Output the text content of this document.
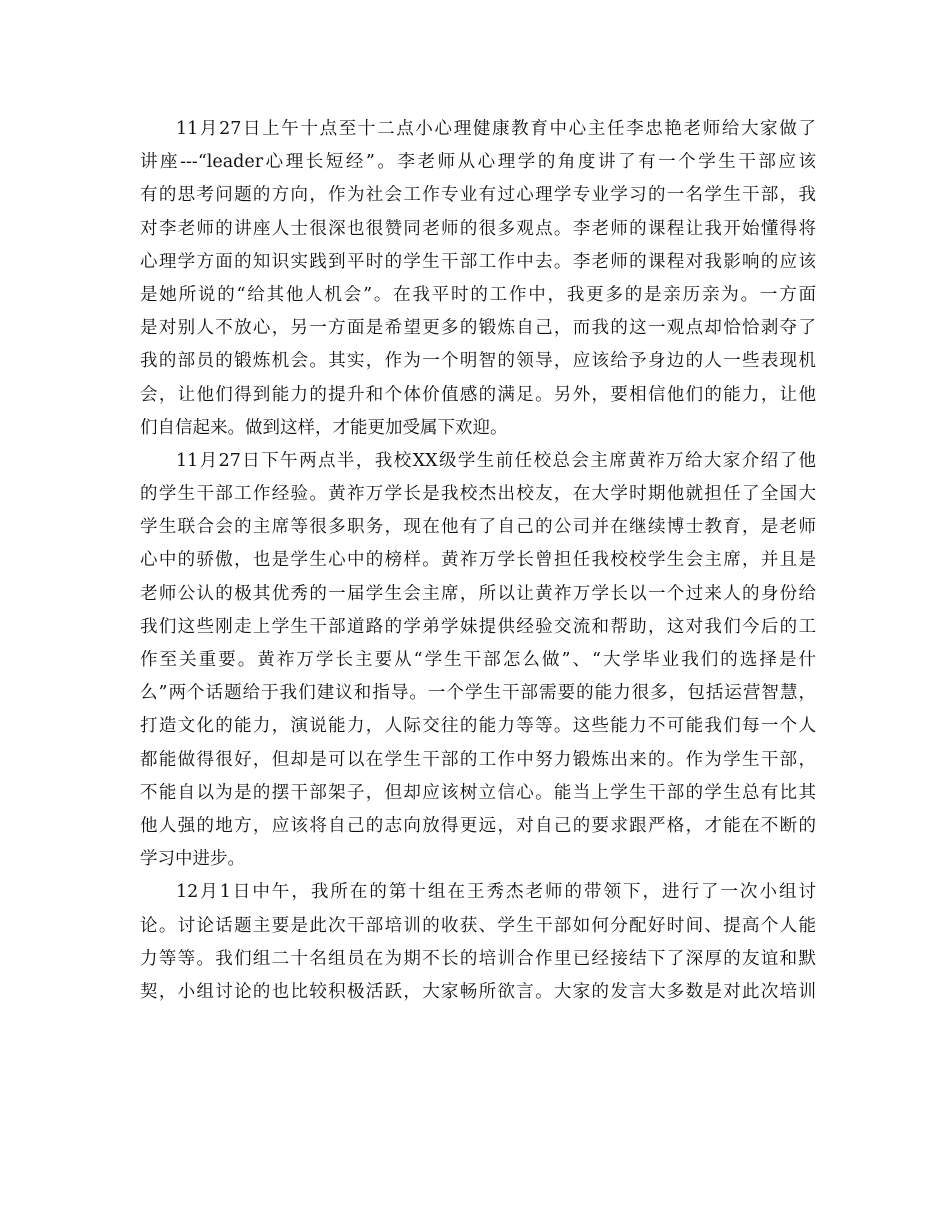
11月27日上午十点至十二点小心理健康教育中心主任李忠艳老师给大家做了
讲座---“leader心理长短经”。李老师从心理学的角度讲了有一个学生干部应该
有的思考问题的方向，作为社会工作专业有过心理学专业学习的一名学生干部，我
对李老师的讲座人士很深也很赞同老师的很多观点。李老师的课程让我开始懂得将
心理学方面的知识实践到平时的学生干部工作中去。李老师的课程对我影响的应该
是她所说的“给其他人机会”。在我平时的工作中，我更多的是亲历亲为。一方面
是对别人不放心，另一方面是希望更多的锻炼自己，而我的这一观点却恰恰剥夺了
我的部员的锻炼机会。其实，作为一个明智的领导，应该给予身边的人一些表现机
会，让他们得到能力的提升和个体价值感的满足。另外，要相信他们的能力，让他
们自信起来。做到这样，才能更加受属下欢迎。

11月27日下午两点半，我校XX级学生前任校总会主席黄祚万给大家介绍了他
的学生干部工作经验。黄祚万学长是我校杰出校友，在大学时期他就担任了全国大
学生联合会的主席等很多职务，现在他有了自己的公司并在继续博士教育，是老师
心中的骄傲，也是学生心中的榜样。黄祚万学长曾担任我校校学生会主席，并且是
老师公认的极其优秀的一届学生会主席，所以让黄祚万学长以一个过来人的身份给
我们这些刚走上学生干部道路的学弟学妹提供经验交流和帮助，这对我们今后的工
作至关重要。黄祚万学长主要从“学生干部怎么做”、“大学毕业我们的选择是什
么”两个话题给于我们建议和指导。一个学生干部需要的能力很多，包括运营智慧，
打造文化的能力，演说能力，人际交往的能力等等。这些能力不可能我们每一个人
都能做得很好，但却是可以在学生干部的工作中努力锻炼出来的。作为学生干部，
不能自以为是的摆干部架子，但却应该树立信心。能当上学生干部的学生总有比其
他人强的地方，应该将自己的志向放得更远，对自己的要求跟严格，才能在不断的
学习中进步。

12月1日中午，我所在的第十组在王秀杰老师的带领下，进行了一次小组讨
论。讨论话题主要是此次干部培训的收获、学生干部如何分配好时间、提高个人能
力等等。我们组二十名组员在为期不长的培训合作里已经接结下了深厚的友谊和默
契，小组讨论的也比较积极活跃，大家畅所欲言。大家的发言大多数是对此次培训
